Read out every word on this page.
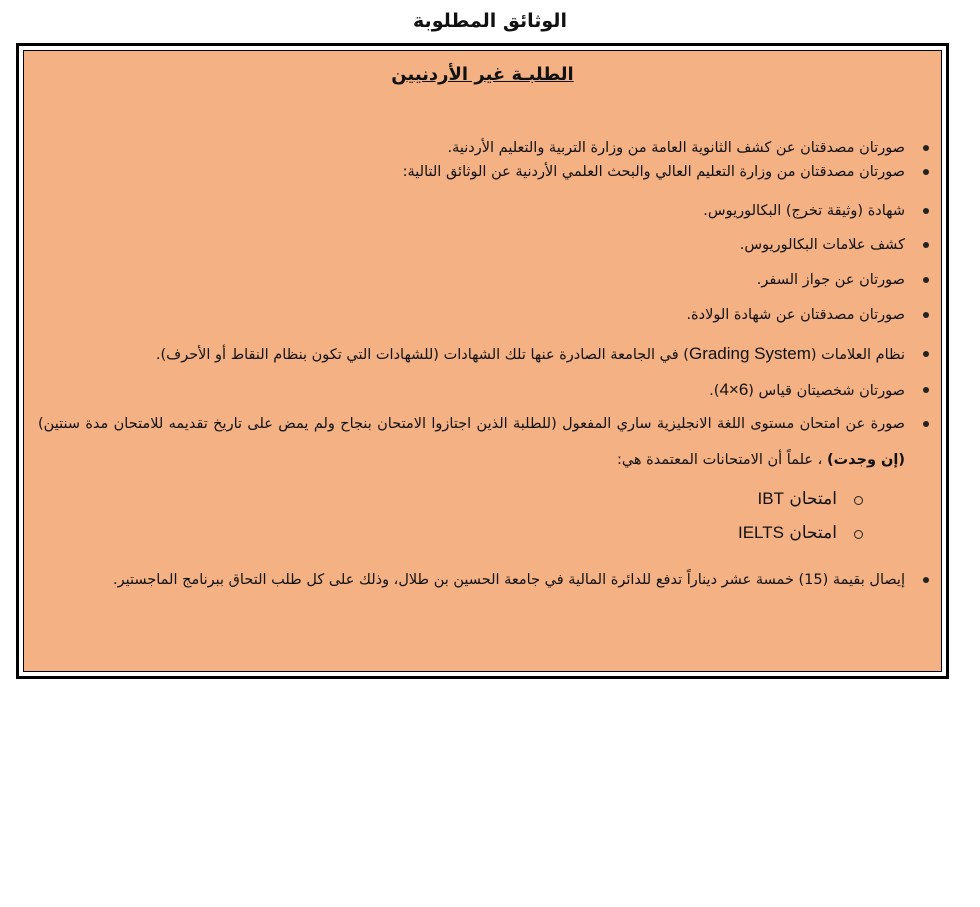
الوثائق المطلوبة
الطلبـة غير الأردنيين
صورتان مصدقتان عن كشف الثانوية العامة من وزارة التربية والتعليم الأردنية.
صورتان مصدقتان من وزارة التعليم العالي والبحث العلمي الأردنية عن الوثائق التالية:
شهادة (وثيقة تخرج) البكالوريوس.
كشف علامات البكالوريوس.
صورتان عن جواز السفر.
صورتان مصدقتان عن شهادة الولادة.
نظام العلامات (Grading System) في الجامعة الصادرة عنها تلك الشهادات (للشهادات التي تكون بنظام النقاط أو الأحرف).
صورتان شخصيتان قياس (4×6).
صورة عن امتحان مستوى اللغة الانجليزية ساري المفعول (للطلبة الذين اجتازوا الامتحان بنجاح ولم يمض على تاريخ تقديمه للامتحان مدة سنتين) (إن وجدت) ، علماً أن الامتحانات المعتمدة هي:
امتحان IBT
امتحان IELTS
إيصال بقيمة (15) خمسة عشر ديناراً تدفع للدائرة المالية في جامعة الحسين بن طلال، وذلك على كل طلب التحاق ببرنامج الماجستير.
